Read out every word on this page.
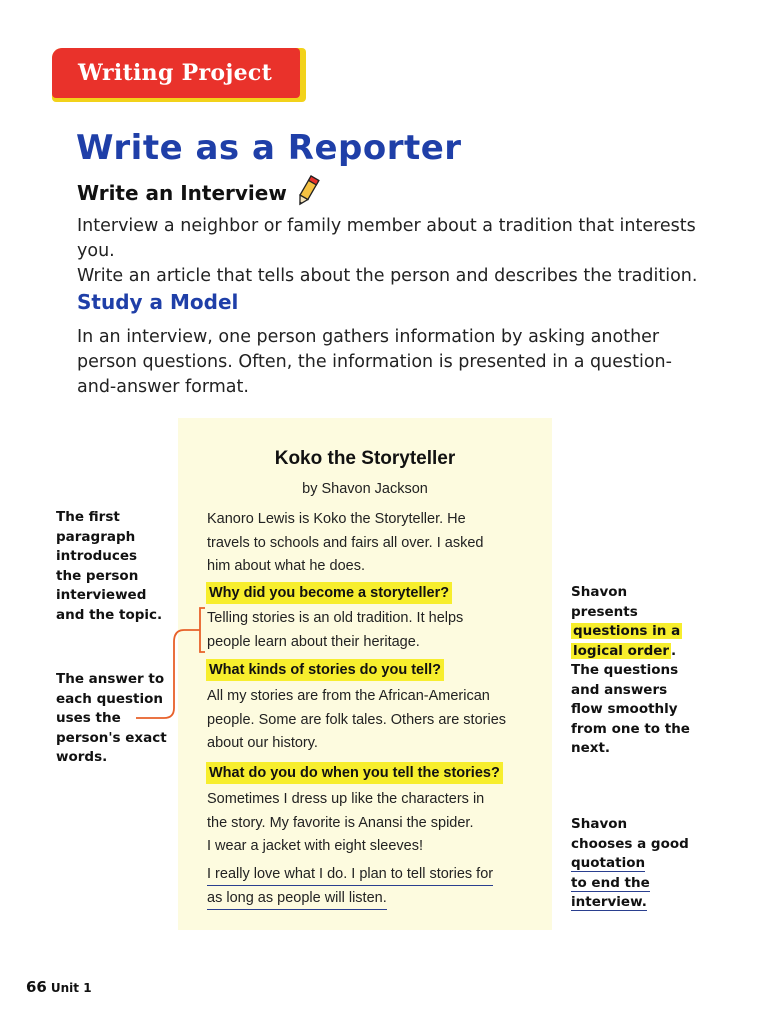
Writing Project
Write as a Reporter
Write an Interview
Interview a neighbor or family member about a tradition that interests you.
Write an article that tells about the person and describes the tradition.
Study a Model
In an interview, one person gathers information by asking another
person questions. Often, the information is presented in a question-
and-answer format.
Koko the Storyteller
by Shavon Jackson
Kanoro Lewis is Koko the Storyteller. He
travels to schools and fairs all over. I asked
him about what he does.
Why did you become a storyteller?
Telling stories is an old tradition. It helps
people learn about their heritage.
What kinds of stories do you tell?
All my stories are from the African-American
people. Some are folk tales. Others are stories
about our history.
What do you do when you tell the stories?
Sometimes I dress up like the characters in
the story. My favorite is Anansi the spider.
I wear a jacket with eight sleeves!
I really love what I do. I plan to tell stories for
as long as people will listen.
The first
paragraph
introduces
the person
interviewed
and the topic.
The answer to
each question
uses the
person's exact
words.
Shavon
presents
questions in a
logical order .
The questions
and answers
flow smoothly
from one to the
next.
Shavon
chooses a good
quotation
to end the
interview.
66 Unit 1
